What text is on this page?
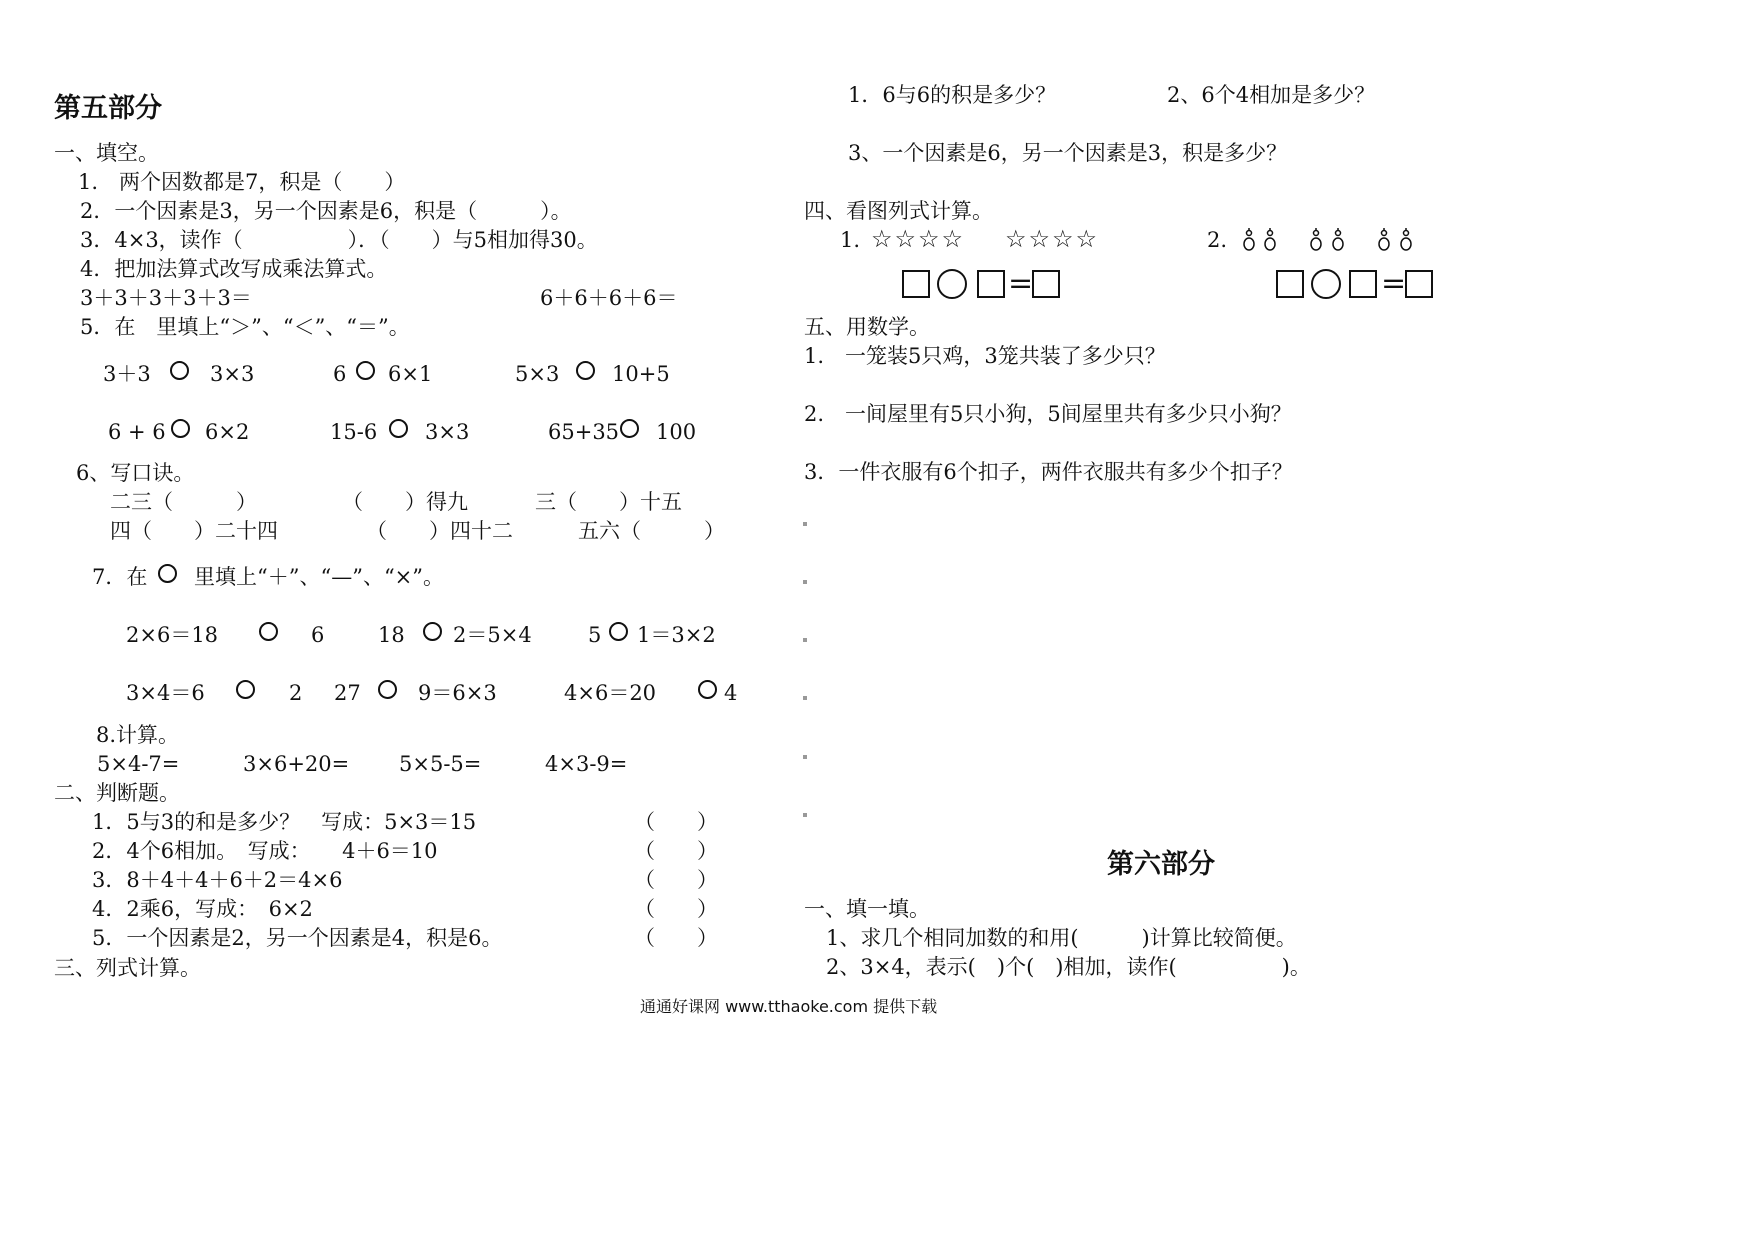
第五部分
一、填空。
1.　两个因数都是7，积是（　　）
2．一个因素是3，另一个因素是6，积是（　　　）。
3．4×3，读作（　　　　　）．（　　）与5相加得30。
4．把加法算式改写成乘法算式。
3＋3＋3＋3＋3＝	6＋6＋6＋6＝
5．在　里填上“＞”、“＜”、“＝”。
3＋3	3×3	6 6×1	5×3	10+5
6 + 6 6×2	15-6 3×3	65+35 100
6、写口诀。
二三（　　　）	（　　）得九	三（　　）十五
四（　　）二十四	（　　）四十二	五六（　　　）
7．在 里填上“＋”、“—”、“×”。
2×6＝18	6	18 2＝5×4	5 1＝3×2
3×4＝6	2 27	9＝6×3	4×6＝20	4
8.计算。
5×4-7=	3×6+20= 5×5-5=	4×3-9=
二、判断题。
1．5与3的和是多少？　写成：5×3＝15	（　　）
2．4个6相加。　写成：　　4＋6＝10	（　　）
3．8＋4＋4＋6＋2＝4×6	（　　）
4．2乘6，写成：　6×2	（　　）
5．一个因素是2，另一个因素是4，积是6。	（　　）
三、列式计算。
1．6与6的积是多少？	2、6个4相加是多少？
3、一个因素是6，另一个因素是3，积是多少？
四、看图列式计算。
1. ☆☆☆☆ ☆☆☆☆	2.
=	=
五、用数学。
1.　一笼装5只鸡，3笼共装了多少只？
2.　一间屋里有5只小狗，5间屋里共有多少只小狗？
3．一件衣服有6个扣子，两件衣服共有多少个扣子？
第六部分
一、填一填。
1、求几个相同加数的和用(　　　)计算比较简便。
2、3×4，表示(　)个(　)相加，读作(　　　　　)。
通通好课网 www.tthaoke.com 提供下载
